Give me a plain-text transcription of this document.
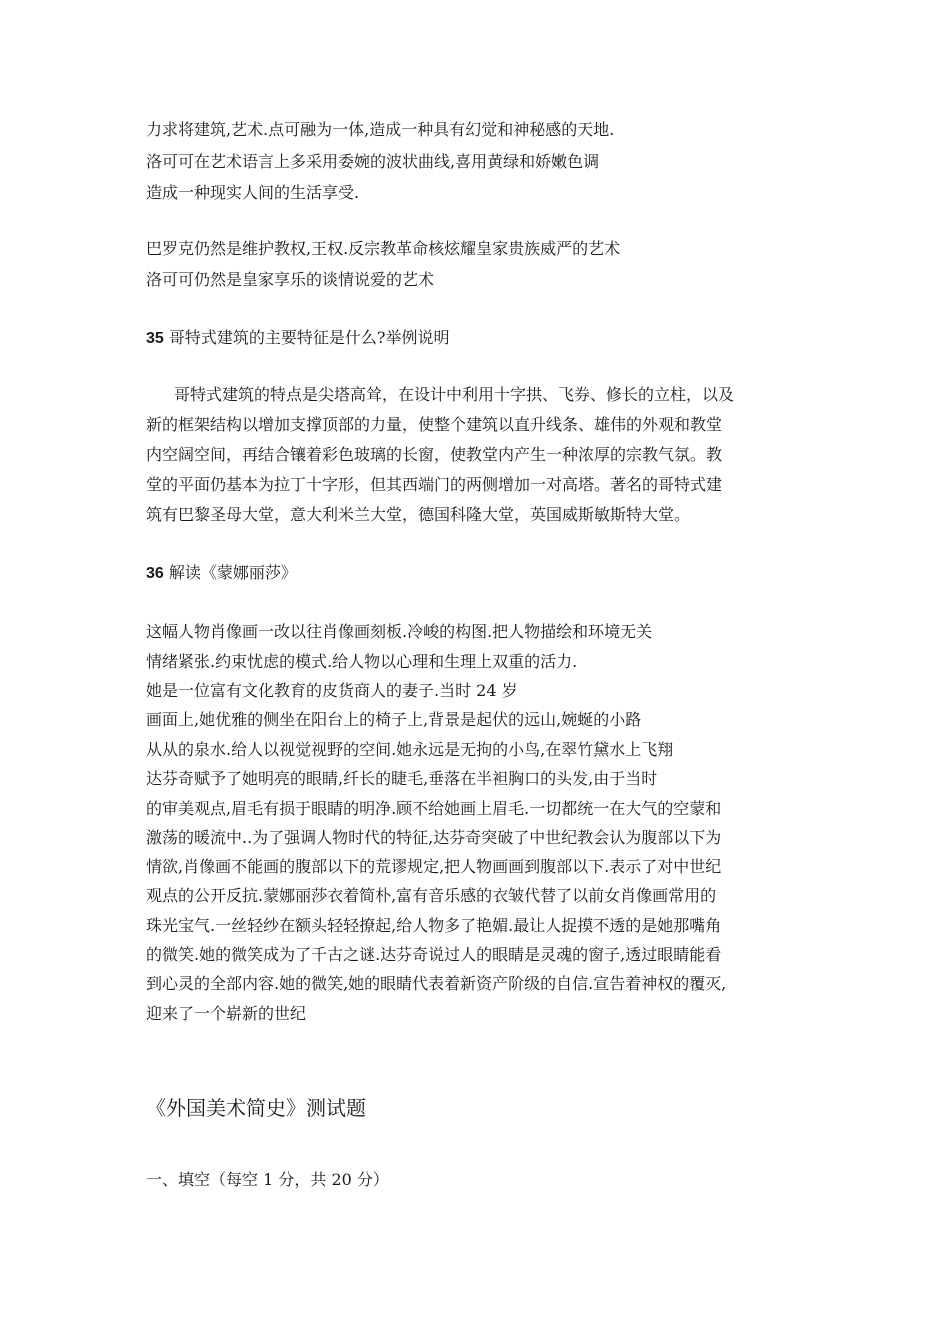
力求将建筑,艺术.点可融为一体,造成一种具有幻觉和神秘感的天地.
洛可可在艺术语言上多采用委婉的波状曲线,喜用黄绿和娇嫩色调
造成一种现实人间的生活享受.
巴罗克仍然是维护教权,王权.反宗教革命核炫耀皇家贵族威严的艺术
洛可可仍然是皇家享乐的谈情说爱的艺术
35 哥特式建筑的主要特征是什么?举例说明
哥特式建筑的特点是尖塔高耸，在设计中利用十字拱、飞券、修长的立柱，以及
新的框架结构以增加支撑顶部的力量，使整个建筑以直升线条、雄伟的外观和教堂
内空阔空间，再结合镶着彩色玻璃的长窗，使教堂内产生一种浓厚的宗教气氛。教
堂的平面仍基本为拉丁十字形，但其西端门的两侧增加一对高塔。著名的哥特式建
筑有巴黎圣母大堂，意大利米兰大堂，德国科隆大堂，英国威斯敏斯特大堂。
36 解读《蒙娜丽莎》
这幅人物肖像画一改以往肖像画刻板.冷峻的构图.把人物描绘和环境无关
情绪紧张.约束忧虑的模式.给人物以心理和生理上双重的活力.
她是一位富有文化教育的皮货商人的妻子.当时 24 岁
画面上,她优雅的侧坐在阳台上的椅子上,背景是起伏的远山,婉蜒的小路
从从的泉水.给人以视觉视野的空间.她永远是无拘的小鸟,在翠竹黛水上飞翔
达芬奇赋予了她明亮的眼睛,纤长的睫毛,垂落在半袒胸口的头发,由于当时
的审美观点,眉毛有损于眼睛的明净.顾不给她画上眉毛.一切都统一在大气的空蒙和
激荡的暖流中..为了强调人物时代的特征,达芬奇突破了中世纪教会认为腹部以下为
情欲,肖像画不能画的腹部以下的荒谬规定,把人物画画到腹部以下.表示了对中世纪
观点的公开反抗.蒙娜丽莎衣着简朴,富有音乐感的衣皱代替了以前女肖像画常用的
珠光宝气.一丝轻纱在额头轻轻撩起,给人物多了艳媚.最让人捉摸不透的是她那嘴角
的微笑.她的微笑成为了千古之谜.达芬奇说过人的眼睛是灵魂的窗子,透过眼睛能看
到心灵的全部内容.她的微笑,她的眼睛代表着新资产阶级的自信.宣告着神权的覆灭,
迎来了一个崭新的世纪
《外国美术简史》测试题
一、填空（每空 1 分，共 20 分）
